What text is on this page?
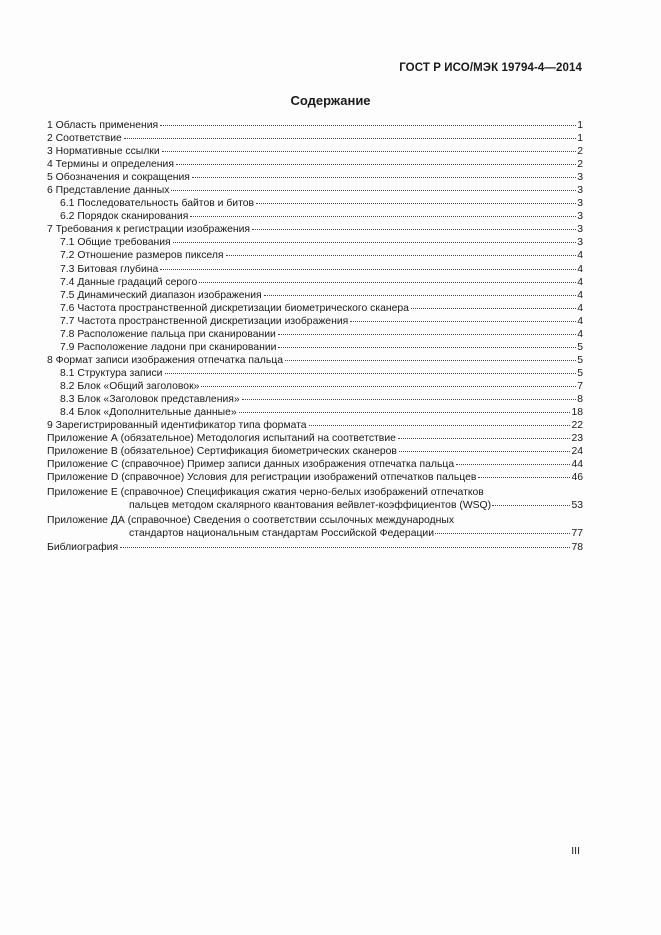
ГОСТ Р ИСО/МЭК 19794-4—2014
Содержание
1 Область применения	1
2 Соответствие	1
3 Нормативные ссылки	2
4 Термины и определения	2
5 Обозначения и сокращения	3
6 Представление данных	3
6.1 Последовательность байтов и битов	3
6.2 Порядок сканирования	3
7 Требования к регистрации изображения	3
7.1 Общие требования	3
7.2 Отношение размеров пикселя	4
7.3 Битовая глубина	4
7.4 Данные градаций серого	4
7.5 Динамический диапазон изображения	4
7.6 Частота пространственной дискретизации биометрического сканера	4
7.7 Частота пространственной дискретизации изображения	4
7.8 Расположение пальца при сканировании	4
7.9 Расположение ладони при сканировании	5
8 Формат записи изображения отпечатка пальца	5
8.1 Структура записи	5
8.2 Блок «Общий заголовок»	7
8.3 Блок «Заголовок представления»	8
8.4 Блок «Дополнительные данные»	18
9 Зарегистрированный идентификатор типа формата	22
Приложение А (обязательное) Методология испытаний на соответствие	23
Приложение В (обязательное) Сертификация биометрических сканеров	24
Приложение С (справочное) Пример записи данных изображения отпечатка пальца	44
Приложение D (справочное) Условия для регистрации изображений отпечатков пальцев	46
Приложение Е (справочное) Спецификация сжатия черно-белых изображений отпечатков
пальцев методом скалярного квантования вейвлет-коэффициентов (WSQ)	53
Приложение ДА (справочное) Сведения о соответствии ссылочных международных
стандартов национальным стандартам Российской Федерации	77
Библиография	78
III
